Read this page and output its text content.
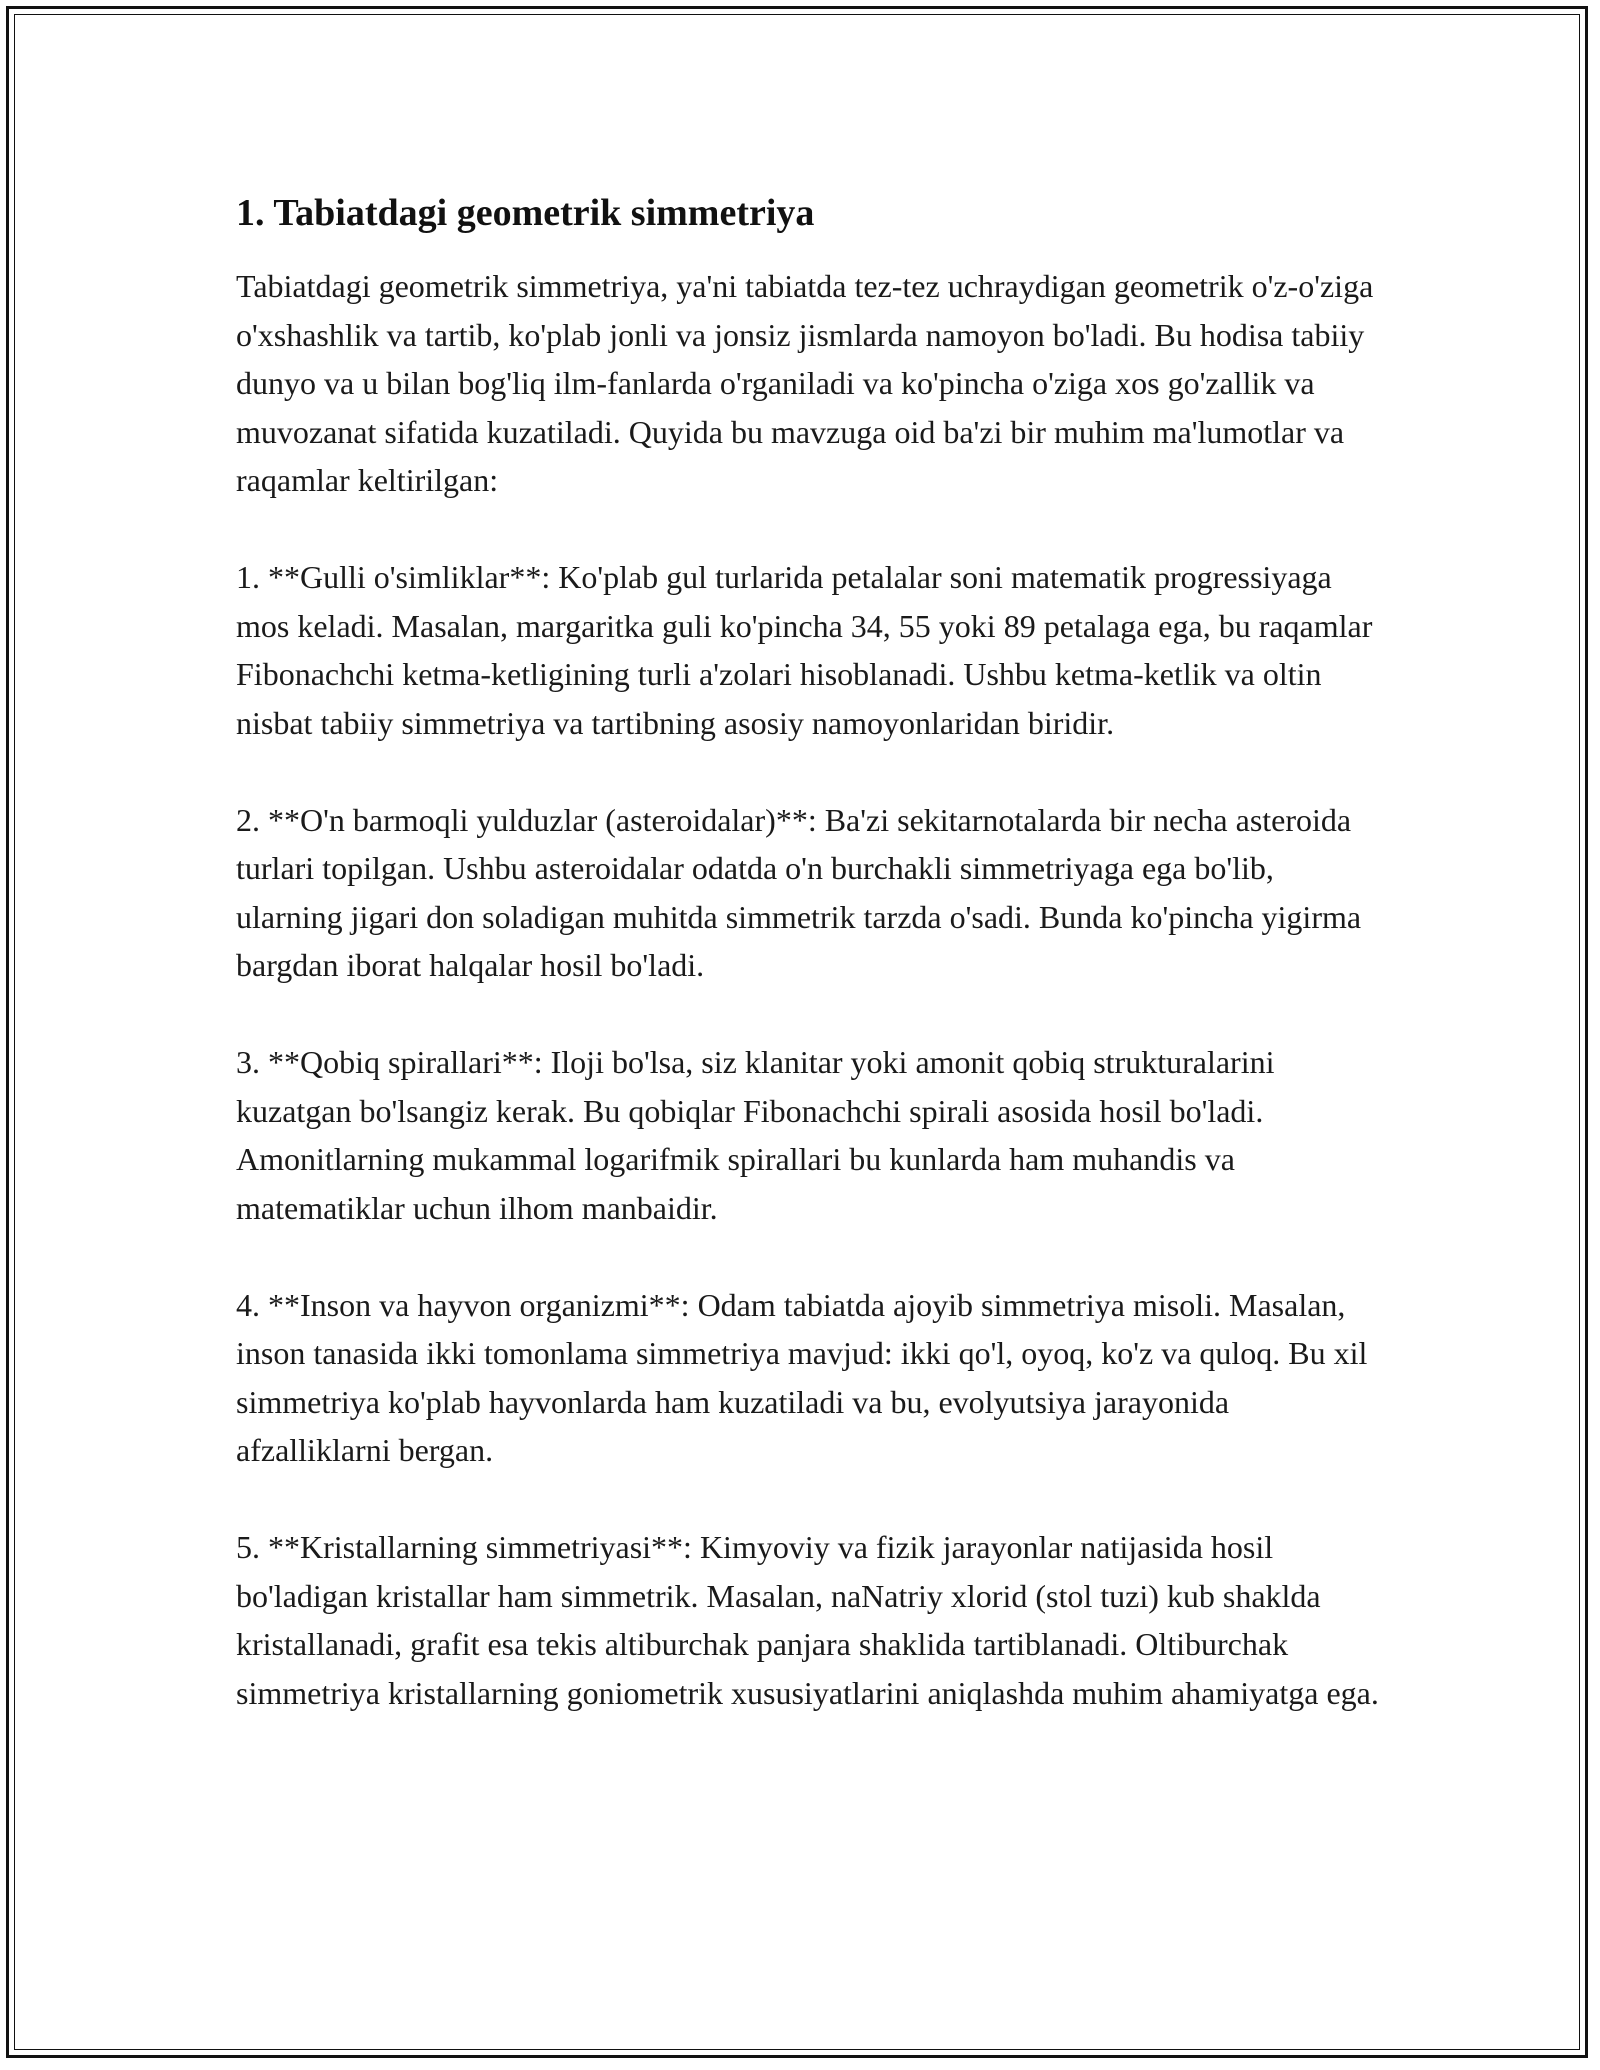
1. Tabiatdagi geometrik simmetriya

Tabiatdagi geometrik simmetriya, ya'ni tabiatda tez-tez uchraydigan geometrik o'z-o'ziga o'xshashlik va tartib, ko'plab jonli va jonsiz jismlarda namoyon bo'ladi. Bu hodisa tabiiy dunyo va u bilan bog'liq ilm-fanlarda o'rganiladi va ko'pincha o'ziga xos go'zallik va muvozanat sifatida kuzatiladi. Quyida bu mavzuga oid ba'zi bir muhim ma'lumotlar va raqamlar keltirilgan:

1. **Gulli o'simliklar**: Ko'plab gul turlarida petalalar soni matematik progressiyaga mos keladi. Masalan, margaritka guli ko'pincha 34, 55 yoki 89 petalaga ega, bu raqamlar Fibonachchi ketma-ketligining turli a'zolari hisoblanadi. Ushbu ketma-ketlik va oltin nisbat tabiiy simmetriya va tartibning asosiy namoyonlaridan biridir.

2. **O'n barmoqli yulduzlar (asteroidalar)**: Ba'zi sekitarnotalarda bir necha asteroida turlari topilgan. Ushbu asteroidalar odatda o'n burchakli simmetriyaga ega bo'lib, ularning jigari don soladigan muhitda simmetrik tarzda o'sadi. Bunda ko'pincha yigirma bargdan iborat halqalar hosil bo'ladi.

3. **Qobiq spirallari**: Iloji bo'lsa, siz klanitar yoki amonit qobiq strukturalarini kuzatgan bo'lsangiz kerak. Bu qobiqlar Fibonachchi spirali asosida hosil bo'ladi. Amonitlarning mukammal logarifmik spirallari bu kunlarda ham muhandis va matematiklar uchun ilhom manbaidir.

4. **Inson va hayvon organizmi**: Odam tabiatda ajoyib simmetriya misoli. Masalan, inson tanasida ikki tomonlama simmetriya mavjud: ikki qo'l, oyoq, ko'z va quloq. Bu xil simmetriya ko'plab hayvonlarda ham kuzatiladi va bu, evolyutsiya jarayonida afzalliklarni bergan.

5. **Kristallarning simmetriyasi**: Kimyoviy va fizik jarayonlar natijasida hosil bo'ladigan kristallar ham simmetrik. Masalan, naNatriy xlorid (stol tuzi) kub shaklda kristallanadi, grafit esa tekis altiburchak panjara shaklida tartiblanadi. Oltiburchak simmetriya kristallarning goniometrik xususiyatlarini aniqlashda muhim ahamiyatga ega.
